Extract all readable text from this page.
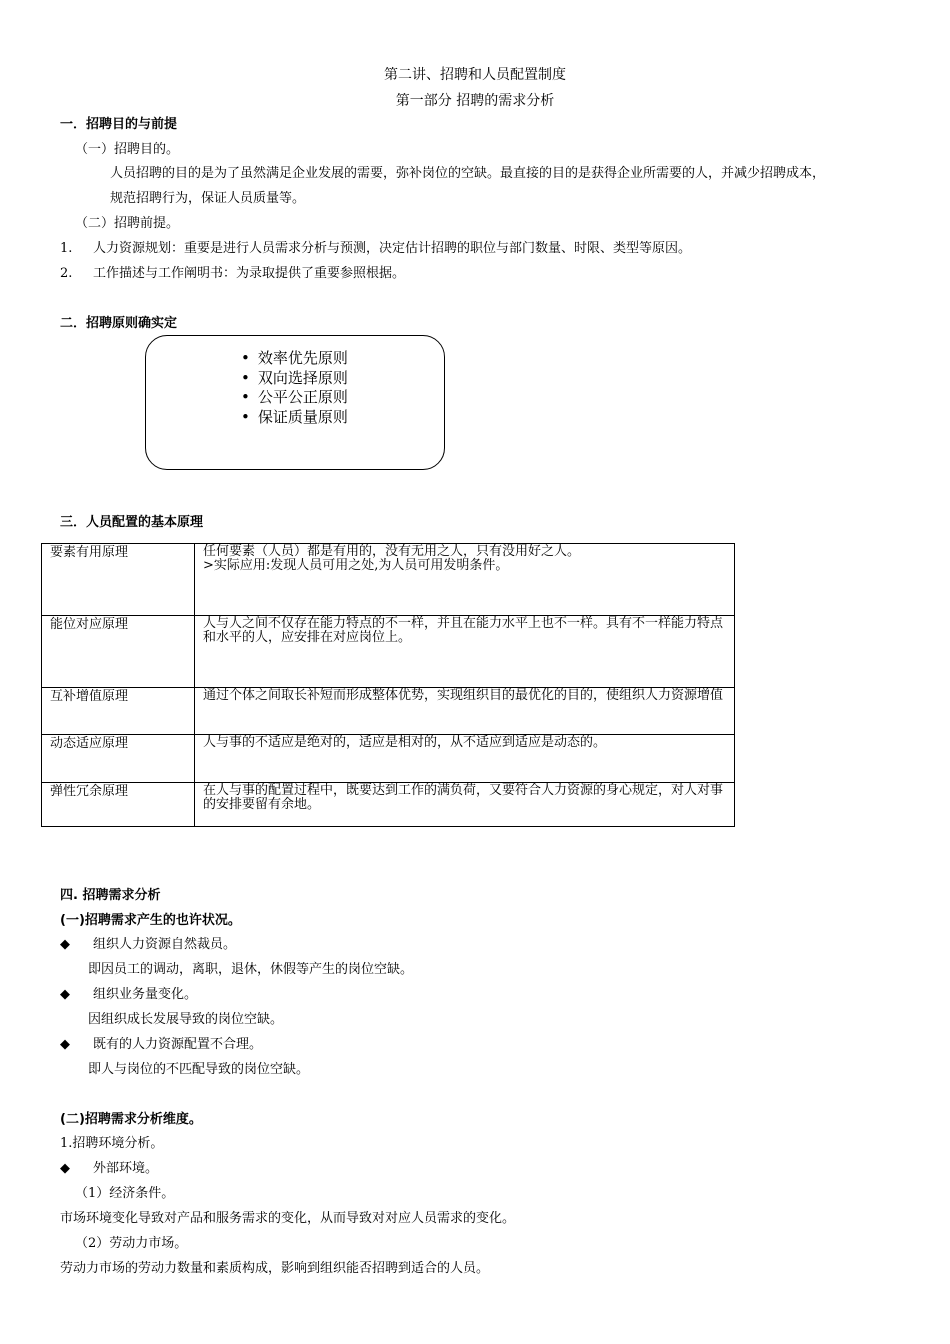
第二讲、招聘和人员配置制度
第一部分 招聘的需求分析
一．招聘目的与前提
（一）招聘目的。
人员招聘的目的是为了虽然满足企业发展的需要，弥补岗位的空缺。最直接的目的是获得企业所需要的人，并减少招聘成本，
规范招聘行为，保证人员质量等。
（二）招聘前提。
1. 人力资源规划：重要是进行人员需求分析与预测，决定估计招聘的职位与部门数量、时限、类型等原因。
2. 工作描述与工作阐明书：为录取提供了重要参照根据。
二．招聘原则确实定
• 效率优先原则
• 双向选择原则
• 公平公正原则
• 保证质量原则
三．人员配置的基本原理
要素有用原理	任何要素（人员）都是有用的，没有无用之人，只有没用好之人。
>实际应用:发现人员可用之处,为人员可用发明条件。

能位对应原理	人与人之间不仅存在能力特点的不一样，并且在能力水平上也不一样。具有不一样能力特点和水平的人，应安排在对应岗位上。
互补增值原理	通过个体之间取长补短而形成整体优势，实现组织目的最优化的目的，使组织人力资源增值
动态适应原理	人与事的不适应是绝对的，适应是相对的，从不适应到适应是动态的。
弹性冗余原理	在人与事的配置过程中，既要达到工作的满负荷，又要符合人力资源的身心规定，对人对事的安排要留有余地。
四. 招聘需求分析
(一)招聘需求产生的也许状况。
◆ 组织人力资源自然裁员。
即因员工的调动，离职，退休，休假等产生的岗位空缺。
◆ 组织业务量变化。
因组织成长发展导致的岗位空缺。
◆ 既有的人力资源配置不合理。
即人与岗位的不匹配导致的岗位空缺。
(二)招聘需求分析维度。
1.招聘环境分析。
◆ 外部环境。
（1）经济条件。
市场环境变化导致对产品和服务需求的变化，从而导致对对应人员需求的变化。
（2）劳动力市场。
劳动力市场的劳动力数量和素质构成，影响到组织能否招聘到适合的人员。
